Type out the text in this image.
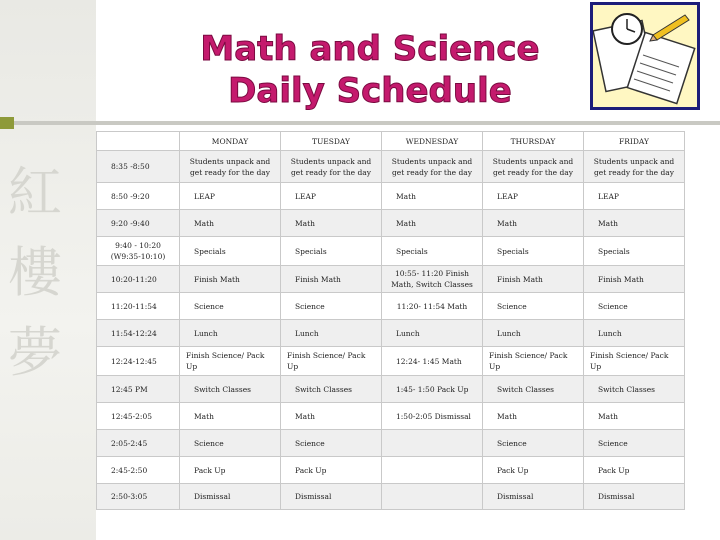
紅
樓
夢
Math and Science
Daily Schedule
	MONDAY	TUESDAY	WEDNESDAY	THURSDAY	FRIDAY
8:35 -8:50	Students unpack and get ready for the day	Students unpack and get ready for the day	Students unpack and get ready for the day	Students unpack and get ready for the day	Students unpack and get ready for the day
8:50 -9:20	LEAP	LEAP	Math	LEAP	LEAP
9:20 -9:40	Math	Math	Math	Math	Math
9:40 - 10:20 (W9:35-10:10)	Specials	Specials	Specials	Specials	Specials
10:20-11:20	Finish Math	Finish Math	10:55- 11:20 Finish Math, Switch Classes	Finish Math	Finish Math
11:20-11:54	Science	Science	11:20- 11:54 Math	Science	Science
11:54-12:24	Lunch	Lunch	Lunch	Lunch	Lunch
12:24-12:45	Finish Science/ Pack Up	Finish Science/ Pack Up	12:24- 1:45 Math	Finish Science/ Pack Up	Finish Science/ Pack Up
12:45 PM	Switch Classes	Switch Classes	1:45- 1:50 Pack Up	Switch Classes	Switch Classes
12:45-2:05	Math	Math	1:50-2:05 Dismissal	Math	Math
2:05-2:45	Science	Science		Science	Science
2:45-2:50	Pack Up	Pack Up		Pack Up	Pack Up
2:50-3:05	Dismissal	Dismissal		Dismissal	Dismissal
